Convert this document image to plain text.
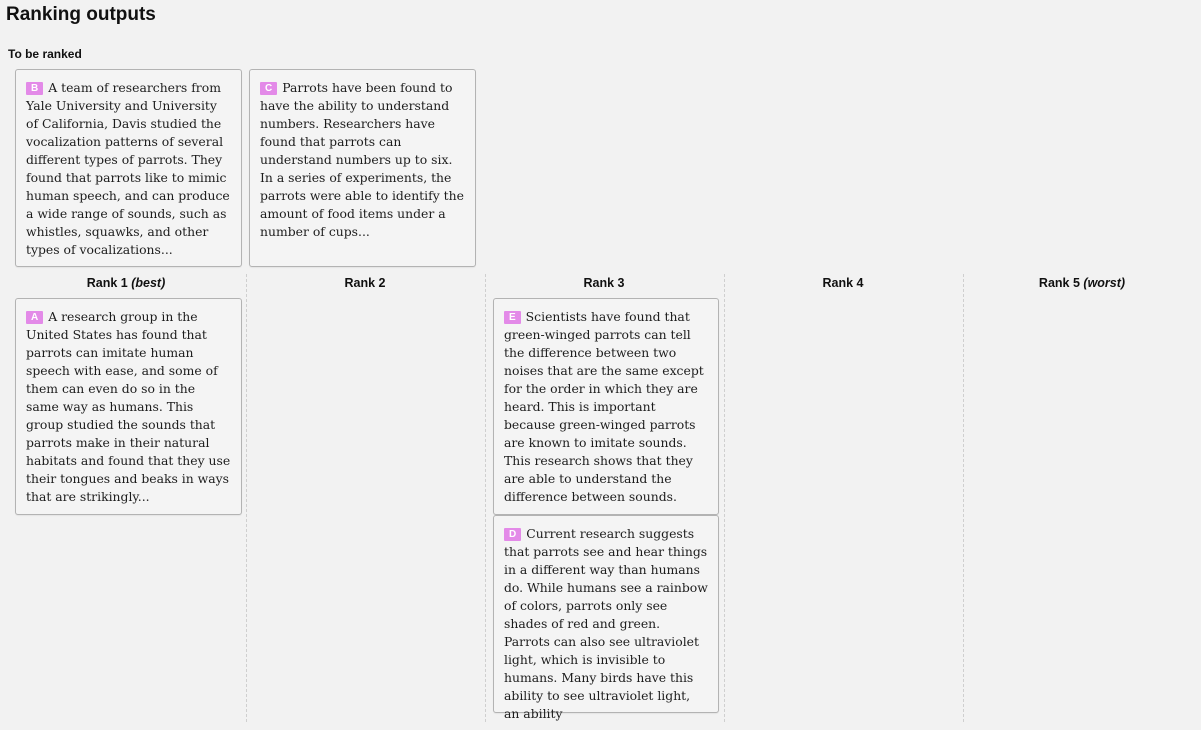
Ranking outputs
To be ranked
B A team of researchers from Yale University and University of California, Davis studied the vocalization patterns of several different types of parrots. They found that parrots like to mimic human speech, and can produce a wide range of sounds, such as whistles, squawks, and other types of vocalizations...
C Parrots have been found to have the ability to understand numbers. Researchers have found that parrots can understand numbers up to six. In a series of experiments, the parrots were able to identify the amount of food items under a number of cups...
Rank 1 (best)	Rank 2	Rank 3	Rank 4	Rank 5 (worst)
A A research group in the United States has found that parrots can imitate human speech with ease, and some of them can even do so in the same way as humans. This group studied the sounds that parrots make in their natural habitats and found that they use their tongues and beaks in ways that are strikingly...
E Scientists have found that green-winged parrots can tell the difference between two noises that are the same except for the order in which they are heard. This is important because green-winged parrots are known to imitate sounds. This research shows that they are able to understand the difference between sounds.
D Current research suggests that parrots see and hear things in a different way than humans do. While humans see a rainbow of colors, parrots only see shades of red and green. Parrots can also see ultraviolet light, which is invisible to humans. Many birds have this ability to see ultraviolet light, an ability
